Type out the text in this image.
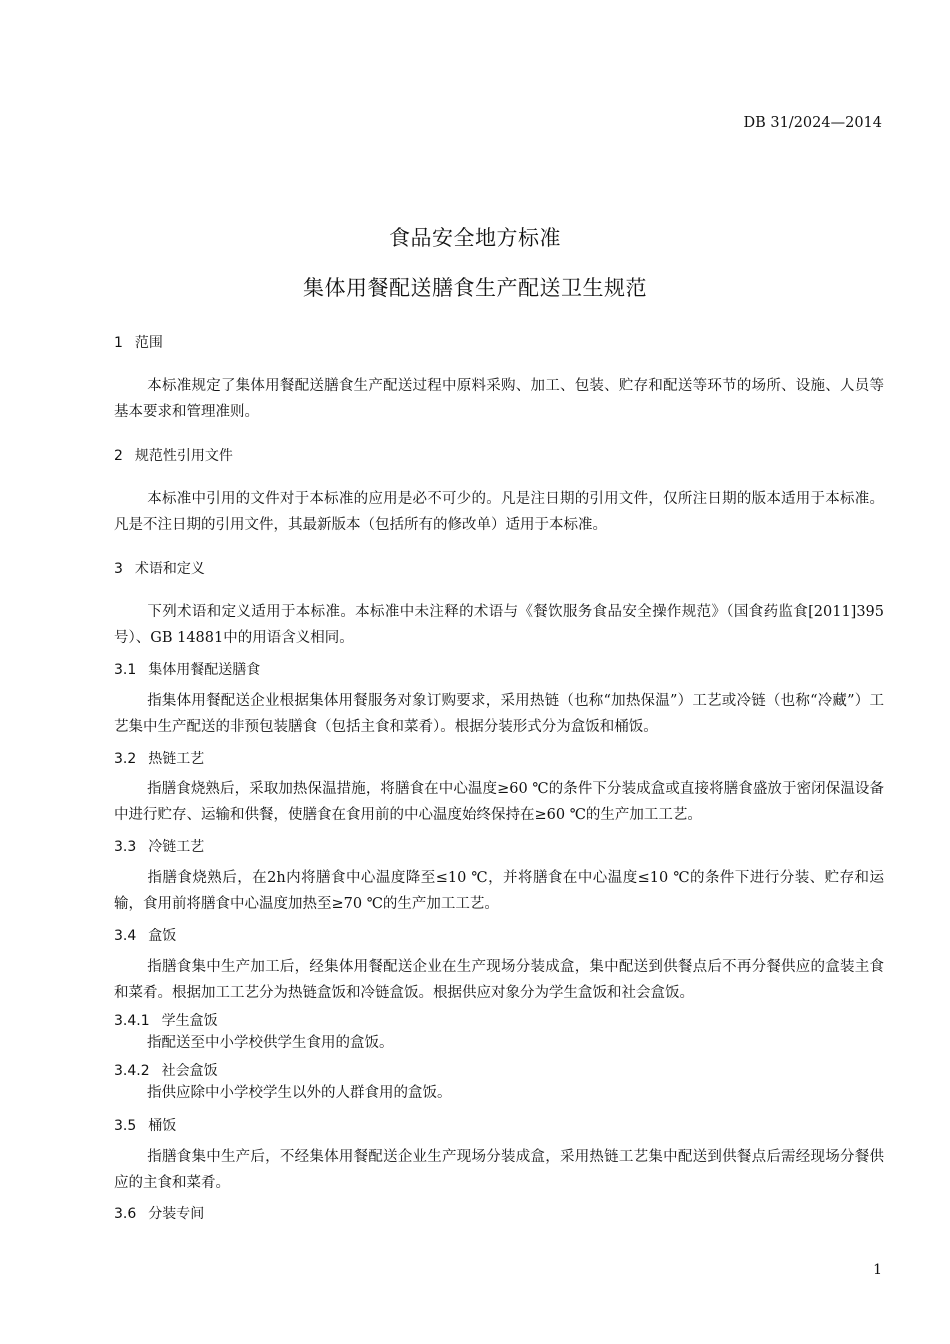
DB 31/2024—2014
食品安全地方标准
集体用餐配送膳食生产配送卫生规范
1 范围
本标准规定了集体用餐配送膳食生产配送过程中原料采购、加工、包装、贮存和配送等环节的场所、设施、人员等基本要求和管理准则。
2 规范性引用文件
本标准中引用的文件对于本标准的应用是必不可少的。凡是注日期的引用文件，仅所注日期的版本适用于本标准。凡是不注日期的引用文件，其最新版本（包括所有的修改单）适用于本标准。
3 术语和定义
下列术语和定义适用于本标准。本标准中未注释的术语与《餐饮服务食品安全操作规范》（国食药监食[2011]395号）、GB 14881中的用语含义相同。
3.1 集体用餐配送膳食
指集体用餐配送企业根据集体用餐服务对象订购要求，采用热链（也称“加热保温”）工艺或冷链（也称“冷藏”）工艺集中生产配送的非预包装膳食（包括主食和菜肴）。根据分装形式分为盒饭和桶饭。
3.2 热链工艺
指膳食烧熟后，采取加热保温措施，将膳食在中心温度≥60 ℃的条件下分装成盒或直接将膳食盛放于密闭保温设备中进行贮存、运输和供餐，使膳食在食用前的中心温度始终保持在≥60 ℃的生产加工工艺。
3.3 冷链工艺
指膳食烧熟后，在2h内将膳食中心温度降至≤10 ℃，并将膳食在中心温度≤10 ℃的条件下进行分装、贮存和运输，食用前将膳食中心温度加热至≥70 ℃的生产加工工艺。
3.4 盒饭
指膳食集中生产加工后，经集体用餐配送企业在生产现场分装成盒，集中配送到供餐点后不再分餐供应的盒装主食和菜肴。根据加工工艺分为热链盒饭和冷链盒饭。根据供应对象分为学生盒饭和社会盒饭。
3.4.1 学生盒饭
指配送至中小学校供学生食用的盒饭。
3.4.2 社会盒饭
指供应除中小学校学生以外的人群食用的盒饭。
3.5 桶饭
指膳食集中生产后，不经集体用餐配送企业生产现场分装成盒，采用热链工艺集中配送到供餐点后需经现场分餐供应的主食和菜肴。
3.6 分装专间
1
